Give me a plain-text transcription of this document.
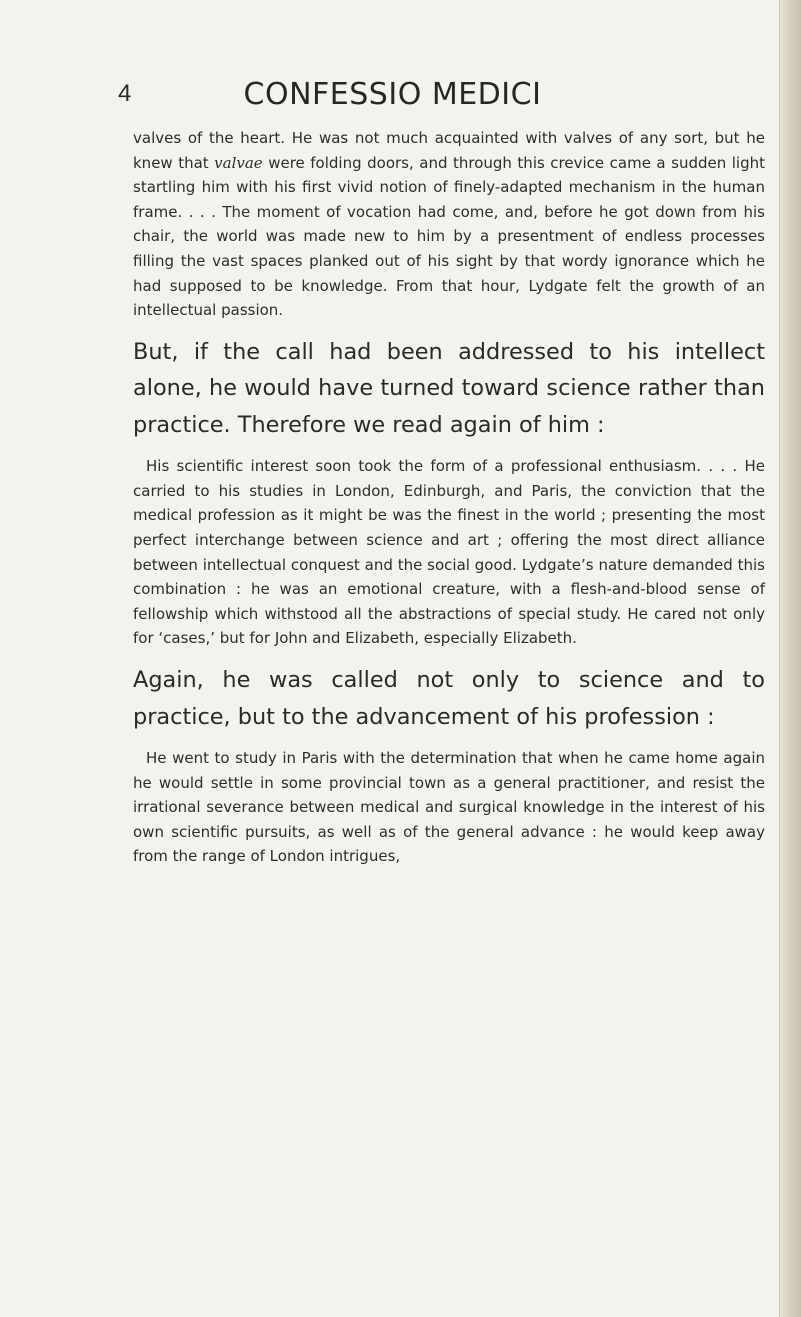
4	CONFESSIO MEDICI

valves of the heart. He was not much acquainted with valves of any sort, but he knew that valvae were folding doors, and through this crevice came a sudden light startling him with his first vivid notion of finely-adapted mechanism in the human frame. . . . The moment of vocation had come, and, before he got down from his chair, the world was made new to him by a presentment of endless processes filling the vast spaces planked out of his sight by that wordy ignorance which he had supposed to be knowledge. From that hour, Lydgate felt the growth of an intellectual passion.

But, if the call had been addressed to his intellect alone, he would have turned toward science rather than practice. Therefore we read again of him :

His scientific interest soon took the form of a professional enthusiasm. . . . He carried to his studies in London, Edinburgh, and Paris, the conviction that the medical profession as it might be was the finest in the world ; presenting the most perfect interchange between science and art ; offering the most direct alliance between intellectual conquest and the social good. Lydgate’s nature demanded this combination : he was an emotional creature, with a flesh-and-blood sense of fellowship which withstood all the abstractions of special study. He cared not only for ‘cases,’ but for John and Elizabeth, especially Elizabeth.

Again, he was called not only to science and to practice, but to the advancement of his profession :

He went to study in Paris with the determination that when he came home again he would settle in some provincial town as a general practitioner, and resist the irrational severance between medical and surgical knowledge in the interest of his own scientific pursuits, as well as of the general advance : he would keep away from the range of London intrigues,
